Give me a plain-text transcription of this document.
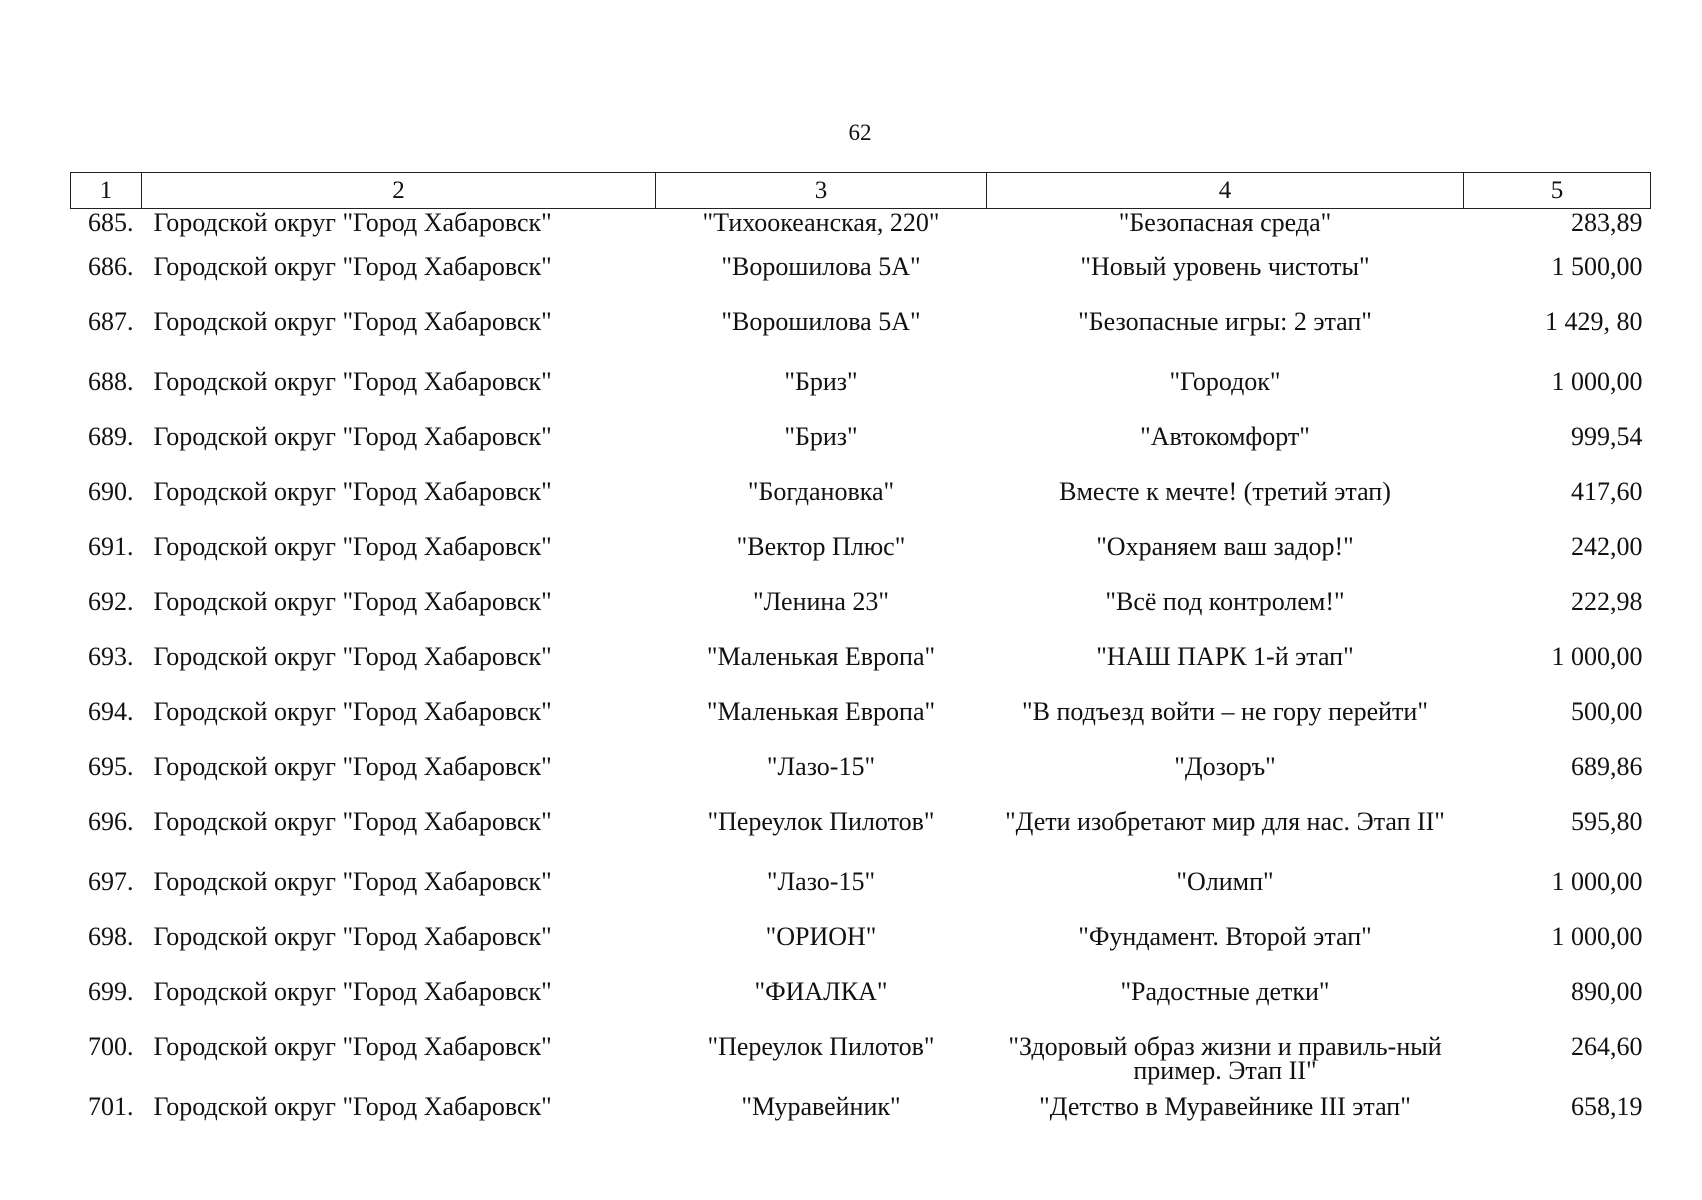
62
1	2	3	4	5
685.	Городской округ "Город Хабаровск"	"Тихоокеанская, 220"	"Безопасная среда"	283,89
686.	Городской округ "Город Хабаровск"	"Ворошилова 5А"	"Новый уровень чистоты"	1 500,00
687.	Городской округ "Город Хабаровск"	"Ворошилова 5А"	"Безопасные игры: 2 этап"	1 429, 80
688.	Городской округ "Город Хабаровск"	"Бриз"	"Городок"	1 000,00
689.	Городской округ "Город Хабаровск"	"Бриз"	"Автокомфорт"	999,54
690.	Городской округ "Город Хабаровск"	"Богдановка"	Вместе к мечте! (третий этап)	417,60
691.	Городской округ "Город Хабаровск"	"Вектор Плюс"	"Охраняем ваш задор!"	242,00
692.	Городской округ "Город Хабаровск"	"Ленина 23"	"Всё под контролем!"	222,98
693.	Городской округ "Город Хабаровск"	"Маленькая Европа"	"НАШ ПАРК 1-й этап"	1 000,00
694.	Городской округ "Город Хабаровск"	"Маленькая Европа"	"В подъезд войти – не гору перейти"	500,00
695.	Городской округ "Город Хабаровск"	"Лазо-15"	"Дозоръ"	689,86
696.	Городской округ "Город Хабаровск"	"Переулок Пилотов"	"Дети изобретают мир для нас. Этап II"	595,80
697.	Городской округ "Город Хабаровск"	"Лазо-15"	"Олимп"	1 000,00
698.	Городской округ "Город Хабаровск"	"ОРИОН"	"Фундамент. Второй этап"	1 000,00
699.	Городской округ "Город Хабаровск"	"ФИАЛКА"	"Радостные детки"	890,00
700.	Городской округ "Город Хабаровск"	"Переулок Пилотов"	"Здоровый образ жизни и правиль-ный пример. Этап II"	264,60
701.	Городской округ "Город Хабаровск"	"Муравейник"	"Детство в Муравейнике III этап"	658,19
